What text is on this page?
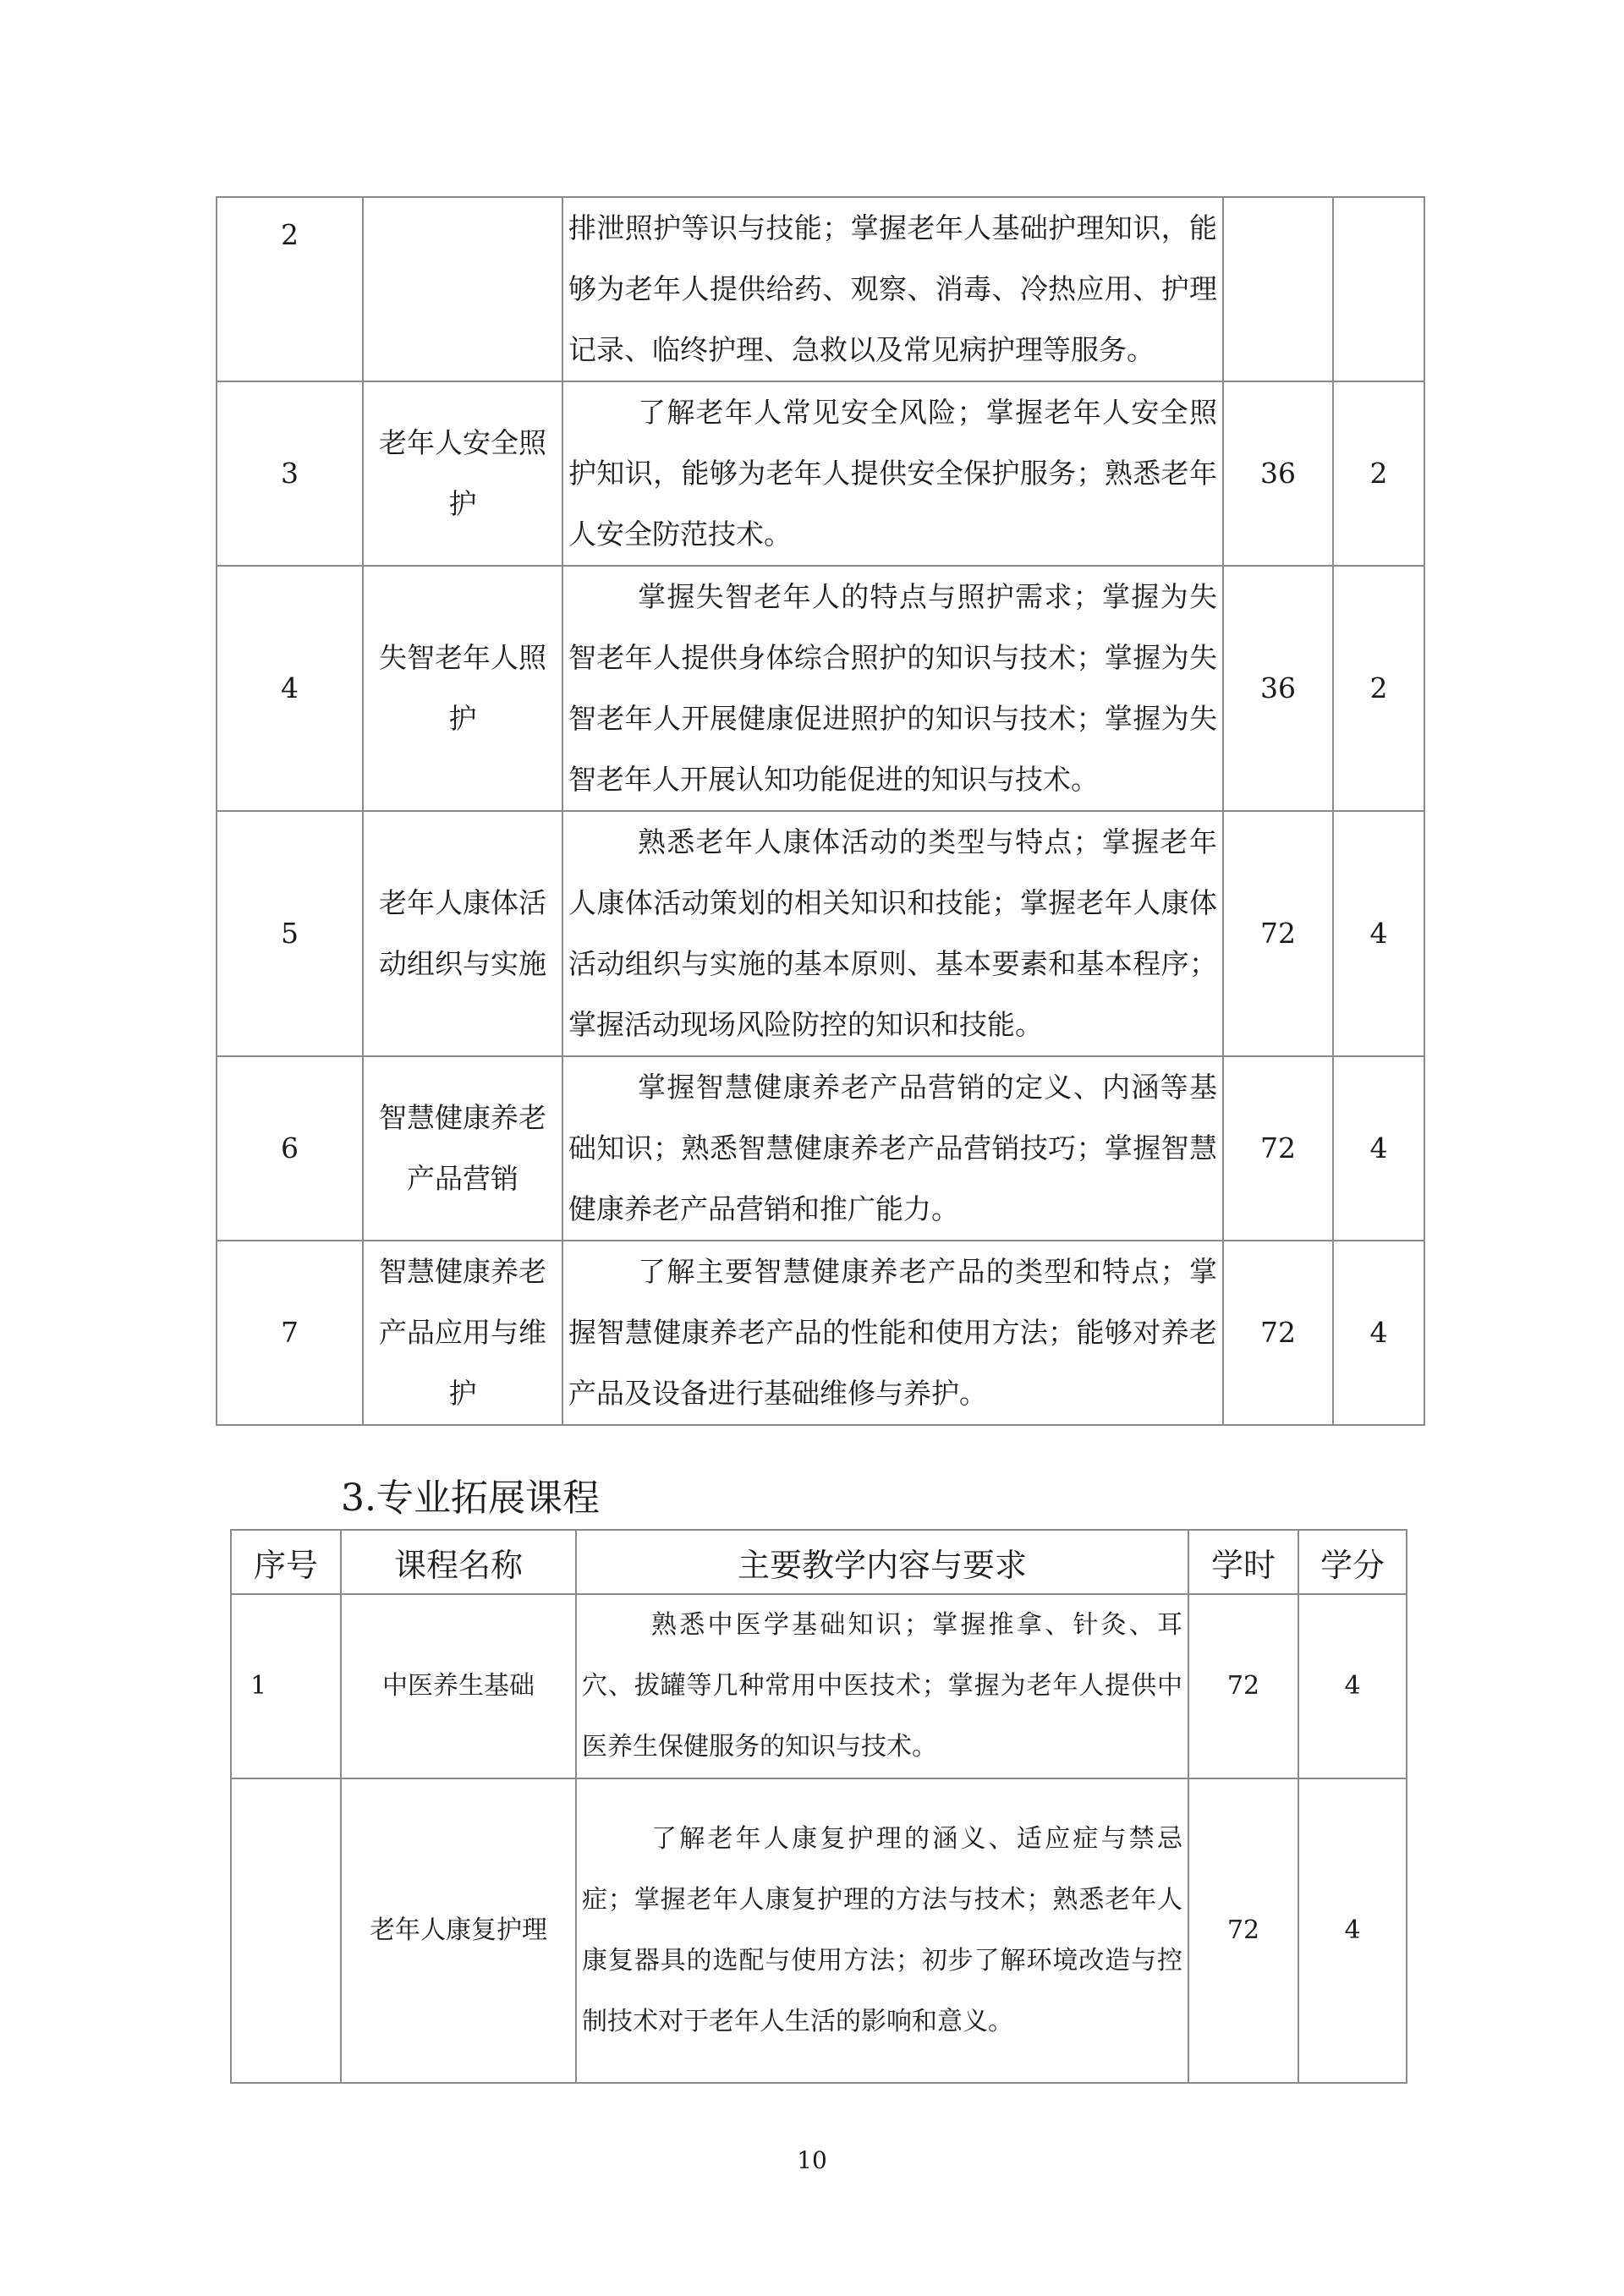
2		排泄照护等识与技能；掌握老年人基础护理知识，能够为老年人提供给药、观察、消毒、冷热应用、护理记录、临终护理、急救以及常见病护理等服务。		
3	老年人安全照护	了解老年人常见安全风险；掌握老年人安全照护知识，能够为老年人提供安全保护服务；熟悉老年人安全防范技术。	36	2
4	失智老年人照护	掌握失智老年人的特点与照护需求；掌握为失智老年人提供身体综合照护的知识与技术；掌握为失智老年人开展健康促进照护的知识与技术；掌握为失智老年人开展认知功能促进的知识与技术。	36	2
5	老年人康体活动组织与实施	熟悉老年人康体活动的类型与特点；掌握老年人康体活动策划的相关知识和技能；掌握老年人康体活动组织与实施的基本原则、基本要素和基本程序；掌握活动现场风险防控的知识和技能。	72	4
6	智慧健康养老产品营销	掌握智慧健康养老产品营销的定义、内涵等基础知识；熟悉智慧健康养老产品营销技巧；掌握智慧健康养老产品营销和推广能力。	72	4
7	智慧健康养老产品应用与维护	了解主要智慧健康养老产品的类型和特点；掌握智慧健康养老产品的性能和使用方法；能够对养老产品及设备进行基础维修与养护。	72	4
3.专业拓展课程
序号	课程名称	主要教学内容与要求	学时	学分
1	中医养生基础	熟悉中医学基础知识；掌握推拿、针灸、耳穴、拔罐等几种常用中医技术；掌握为老年人提供中医养生保健服务的知识与技术。	72	4
	老年人康复护理	了解老年人康复护理的涵义、适应症与禁忌症；掌握老年人康复护理的方法与技术；熟悉老年人康复器具的选配与使用方法；初步了解环境改造与控制技术对于老年人生活的影响和意义。	72	4
10
